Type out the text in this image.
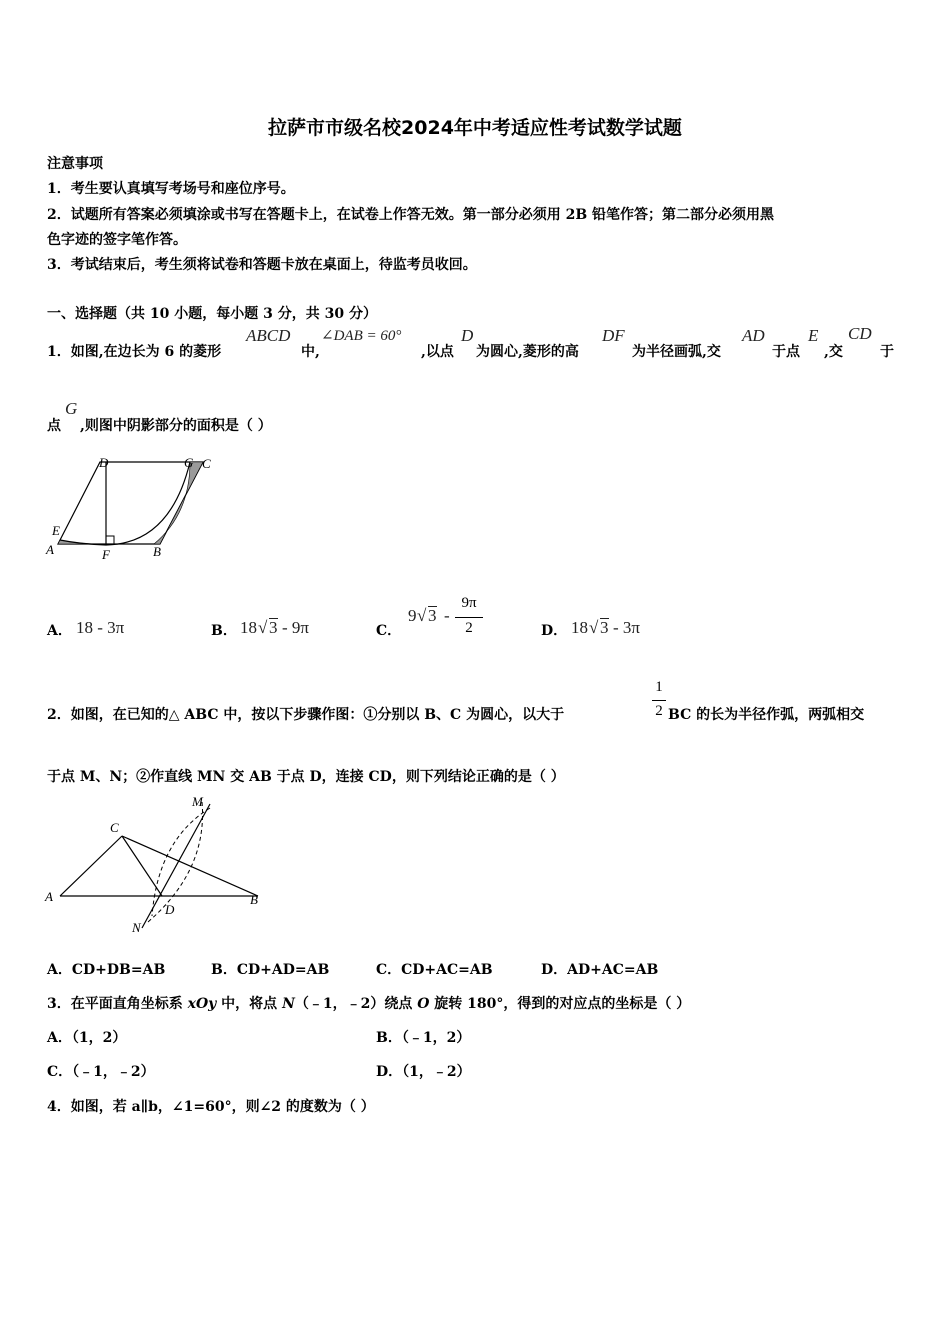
拉萨市市级名校2024年中考适应性考试数学试题
注意事项
1．考生要认真填写考场号和座位序号。
2．试题所有答案必须填涂或书写在答题卡上，在试卷上作答无效。第一部分必须用 2B 铅笔作答；第二部分必须用黑
色字迹的签字笔作答。
3．考试结束后，考生须将试卷和答题卡放在桌面上，待监考员收回。
一、选择题（共 10 小题，每小题 3 分，共 30 分）
1．如图,在边长为 6 的菱形
ABCD
中,
∠DAB = 60°
,以点
D
为圆心,菱形的高
DF
为半径画弧,交
AD
于点
E
,交
CD
于
点
G
,则图中阴影部分的面积是（ ）
D	G C
E
A	F	B
A． 18 - 3π	B． 18 √ 3 - 9π	C．
9 √ 3 -
9π
2	D． 18 √ 3 - 3π
2．如图，在已知的△ ABC 中，按以下步骤作图：①分别以 B、C 为圆心，以大于
1
2 BC 的长为半径作弧，两弧相交
于点 M、N；②作直线 MN 交 AB 于点 D，连接 CD，则下列结论正确的是（ ）
M
C
A
D
B
N
A．CD+DB=AB	B．CD+AD=AB	C．CD+AC=AB	D．AD+AC=AB
3．在平面直角坐标系 xOy 中，将点 N（﹣1，﹣2）绕点 O 旋转 180°，得到的对应点的坐标是（ ）
A．（1，2）	B．（﹣1，2）
C．（﹣1，﹣2）	D．（1，﹣2）
4．如图，若 a∥b，∠1=60°，则∠2 的度数为（ ）
